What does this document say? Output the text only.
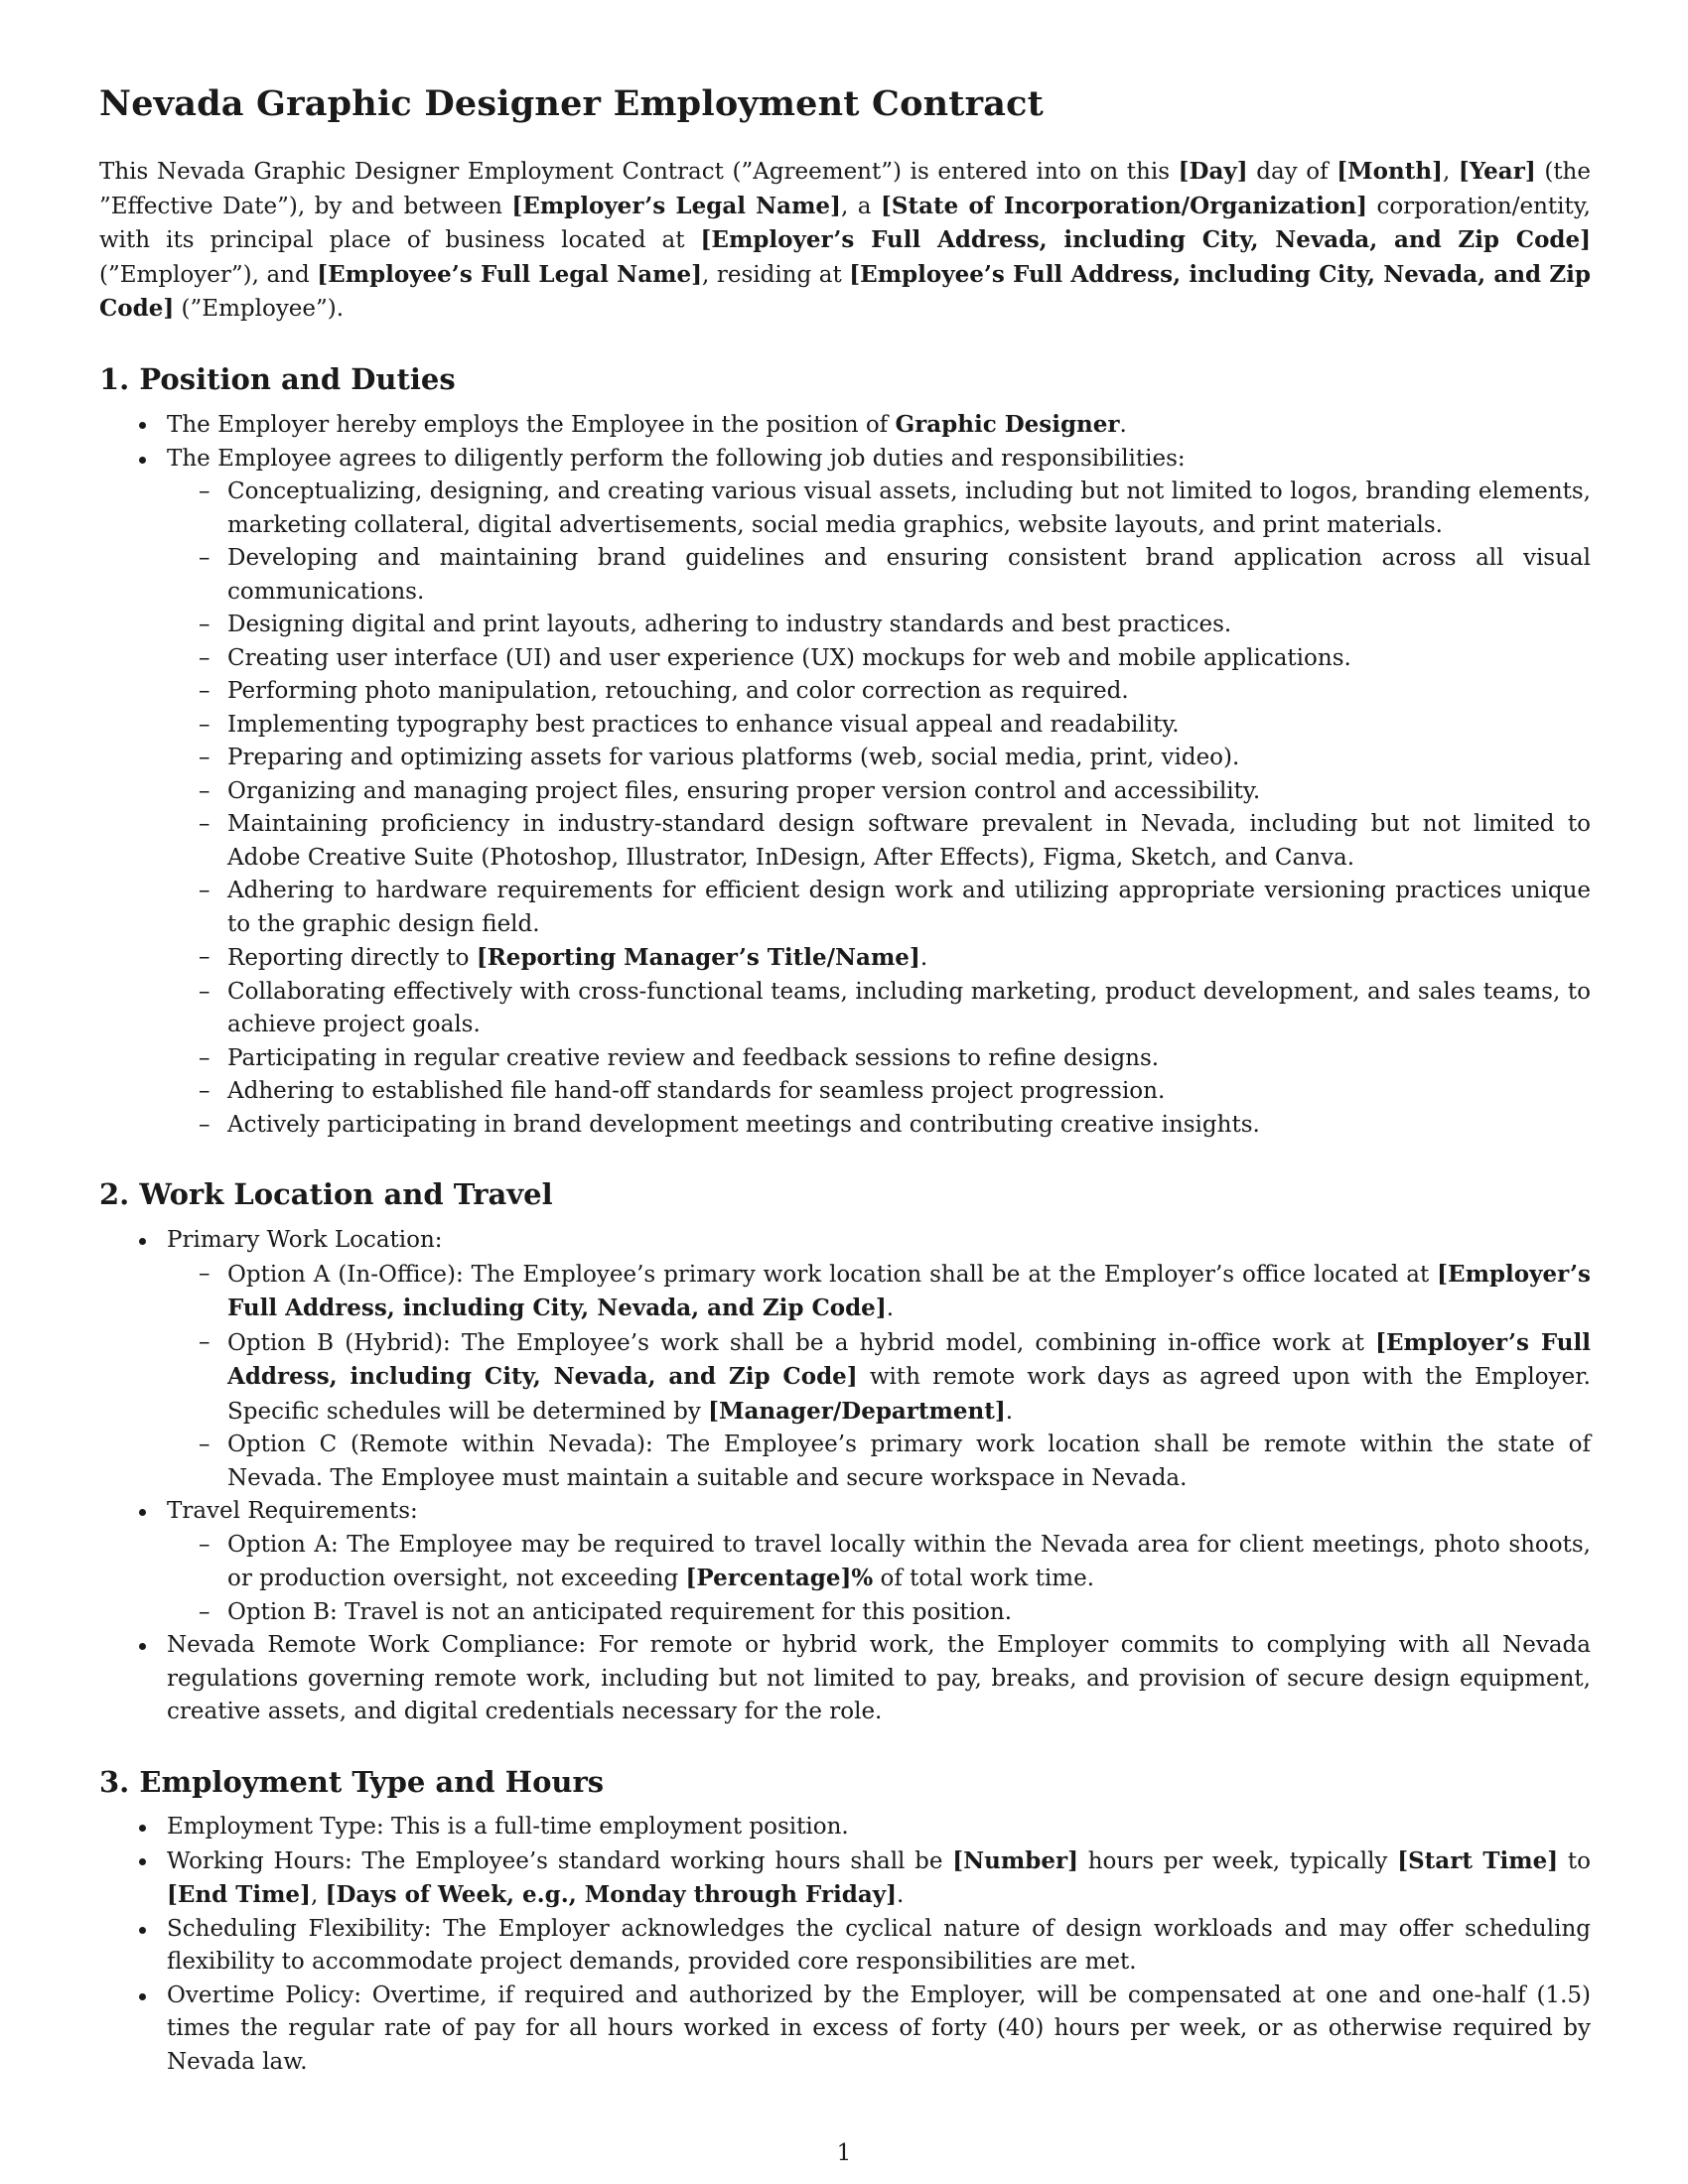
Nevada Graphic Designer Employment Contract

This Nevada Graphic Designer Employment Contract (”Agreement”) is entered into on this [Day] day of [Month], [Year] (the ”Effective Date”), by and between [Employer’s Legal Name], a [State of Incorporation/Organization] corporation/entity, with its principal place of business located at [Employer’s Full Address, including City, Nevada, and Zip Code] (”Employer”), and [Employee’s Full Legal Name], residing at [Employee’s Full Address, including City, Nevada, and Zip Code] (”Employee”).

1. Position and Duties
The Employer hereby employs the Employee in the position of Graphic Designer.
The Employee agrees to diligently perform the following job duties and responsibilities:
– Conceptualizing, designing, and creating various visual assets, including but not limited to logos, branding elements, marketing collateral, digital advertisements, social media graphics, website layouts, and print materials.
– Developing and maintaining brand guidelines and ensuring consistent brand application across all visual communications.
– Designing digital and print layouts, adhering to industry standards and best practices.
– Creating user interface (UI) and user experience (UX) mockups for web and mobile applications.
– Performing photo manipulation, retouching, and color correction as required.
– Implementing typography best practices to enhance visual appeal and readability.
– Preparing and optimizing assets for various platforms (web, social media, print, video).
– Organizing and managing project files, ensuring proper version control and accessibility.
– Maintaining proficiency in industry-standard design software prevalent in Nevada, including but not limited to Adobe Creative Suite (Photoshop, Illustrator, InDesign, After Effects), Figma, Sketch, and Canva.
– Adhering to hardware requirements for efficient design work and utilizing appropriate versioning practices unique to the graphic design field.
– Reporting directly to [Reporting Manager’s Title/Name].
– Collaborating effectively with cross-functional teams, including marketing, product development, and sales teams, to achieve project goals.
– Participating in regular creative review and feedback sessions to refine designs.
– Adhering to established file hand-off standards for seamless project progression.
– Actively participating in brand development meetings and contributing creative insights.
2. Work Location and Travel
Primary Work Location:
– Option A (In-Office): The Employee’s primary work location shall be at the Employer’s office located at [Employer’s Full Address, including City, Nevada, and Zip Code].
– Option B (Hybrid): The Employee’s work shall be a hybrid model, combining in-office work at [Employer’s Full Address, including City, Nevada, and Zip Code] with remote work days as agreed upon with the Employer. Specific schedules will be determined by [Manager/Department].
– Option C (Remote within Nevada): The Employee’s primary work location shall be remote within the state of Nevada. The Employee must maintain a suitable and secure workspace in Nevada.
Travel Requirements:
– Option A: The Employee may be required to travel locally within the Nevada area for client meetings, photo shoots, or production oversight, not exceeding [Percentage]% of total work time.
– Option B: Travel is not an anticipated requirement for this position.
Nevada Remote Work Compliance: For remote or hybrid work, the Employer commits to complying with all Nevada regulations governing remote work, including but not limited to pay, breaks, and provision of secure design equipment, creative assets, and digital credentials necessary for the role.
3. Employment Type and Hours
Employment Type: This is a full-time employment position.
Working Hours: The Employee’s standard working hours shall be [Number] hours per week, typically [Start Time] to [End Time], [Days of Week, e.g., Monday through Friday].
Scheduling Flexibility: The Employer acknowledges the cyclical nature of design workloads and may offer scheduling flexibility to accommodate project demands, provided core responsibilities are met.
Overtime Policy: Overtime, if required and authorized by the Employer, will be compensated at one and one-half (1.5) times the regular rate of pay for all hours worked in excess of forty (40) hours per week, or as otherwise required by Nevada law.
1
